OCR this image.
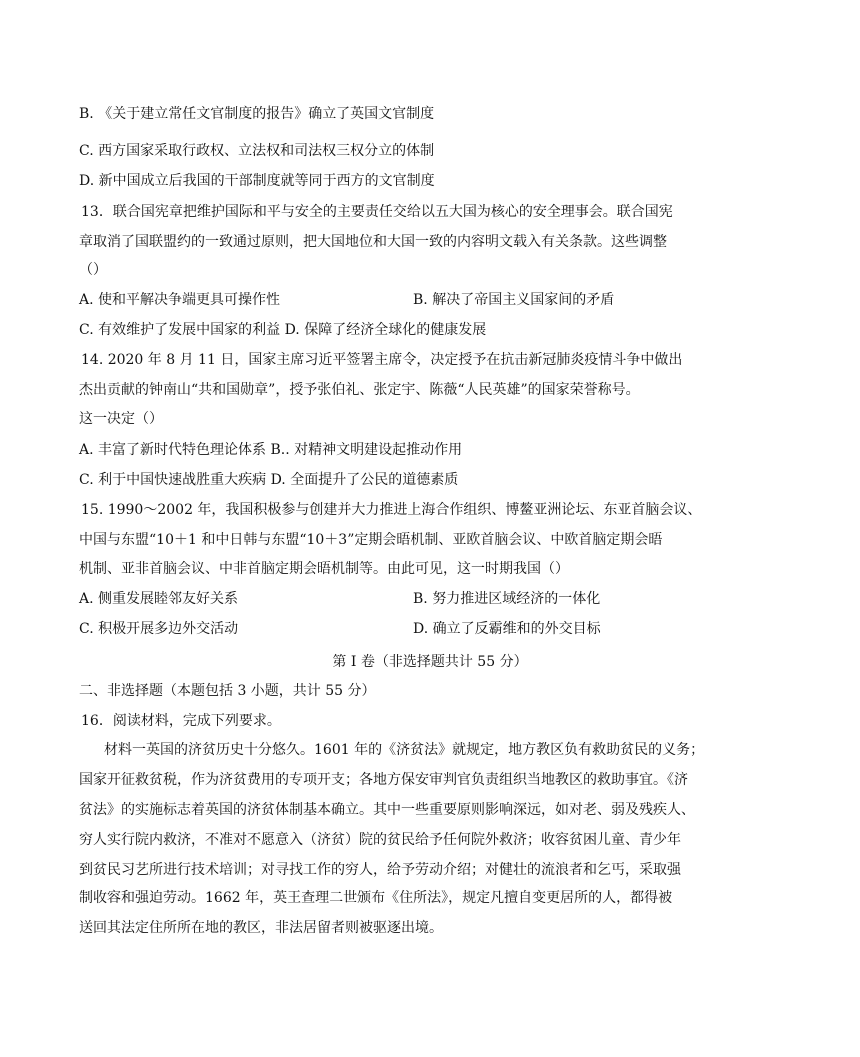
B. 《关于建立常任文官制度的报告》确立了英国文官制度
C. 西方国家采取行政权、立法权和司法权三权分立的体制
D. 新中国成立后我国的干部制度就等同于西方的文官制度
13．联合国宪章把维护国际和平与安全的主要责任交给以五大国为核心的安全理事会。联合国宪
章取消了国联盟约的一致通过原则，把大国地位和大国一致的内容明文载入有关条款。这些调整
（）
A. 使和平解决争端更具可操作性	B. 解决了帝国主义国家间的矛盾
C. 有效维护了发展中国家的利益 D. 保障了经济全球化的健康发展
14. 2020 年 8 月 11 日，国家主席习近平签署主席令，决定授予在抗击新冠肺炎疫情斗争中做出
杰出贡献的钟南山“共和国勋章”，授予张伯礼、张定宇、陈薇“人民英雄”的国家荣誉称号。
这一决定（）
A. 丰富了新时代特色理论体系 B.. 对精神文明建设起推动作用
C. 利于中国快速战胜重大疾病 D. 全面提升了公民的道德素质
15. 1990～2002 年，我国积极参与创建并大力推进上海合作组织、博鳌亚洲论坛、东亚首脑会议、
中国与东盟“10＋1 和中日韩与东盟“10＋3”定期会晤机制、亚欧首脑会议、中欧首脑定期会晤
机制、亚非首脑会议、中非首脑定期会晤机制等。由此可见，这一时期我国（）
A. 侧重发展睦邻友好关系	B. 努力推进区域经济的一体化
C. 积极开展多边外交活动	D. 确立了反霸维和的外交目标
第 I 卷（非选择题共计 55 分）
二、非选择题（本题包括 3 小题，共计 55 分）
16．阅读材料，完成下列要求。
材料一英国的济贫历史十分悠久。1601 年的《济贫法》就规定，地方教区负有救助贫民的义务；
国家开征救贫税，作为济贫费用的专项开支；各地方保安审判官负责组织当地教区的救助事宜。《济
贫法》的实施标志着英国的济贫体制基本确立。其中一些重要原则影响深远，如对老、弱及残疾人、
穷人实行院内救济，不准对不愿意入（济贫）院的贫民给予任何院外救济；收容贫困儿童、青少年
到贫民习艺所进行技术培训；对寻找工作的穷人，给予劳动介绍；对健壮的流浪者和乞丐，采取强
制收容和强迫劳动。1662 年，英王查理二世颁布《住所法》，规定凡擅自变更居所的人，都得被
送回其法定住所所在地的教区，非法居留者则被驱逐出境。
